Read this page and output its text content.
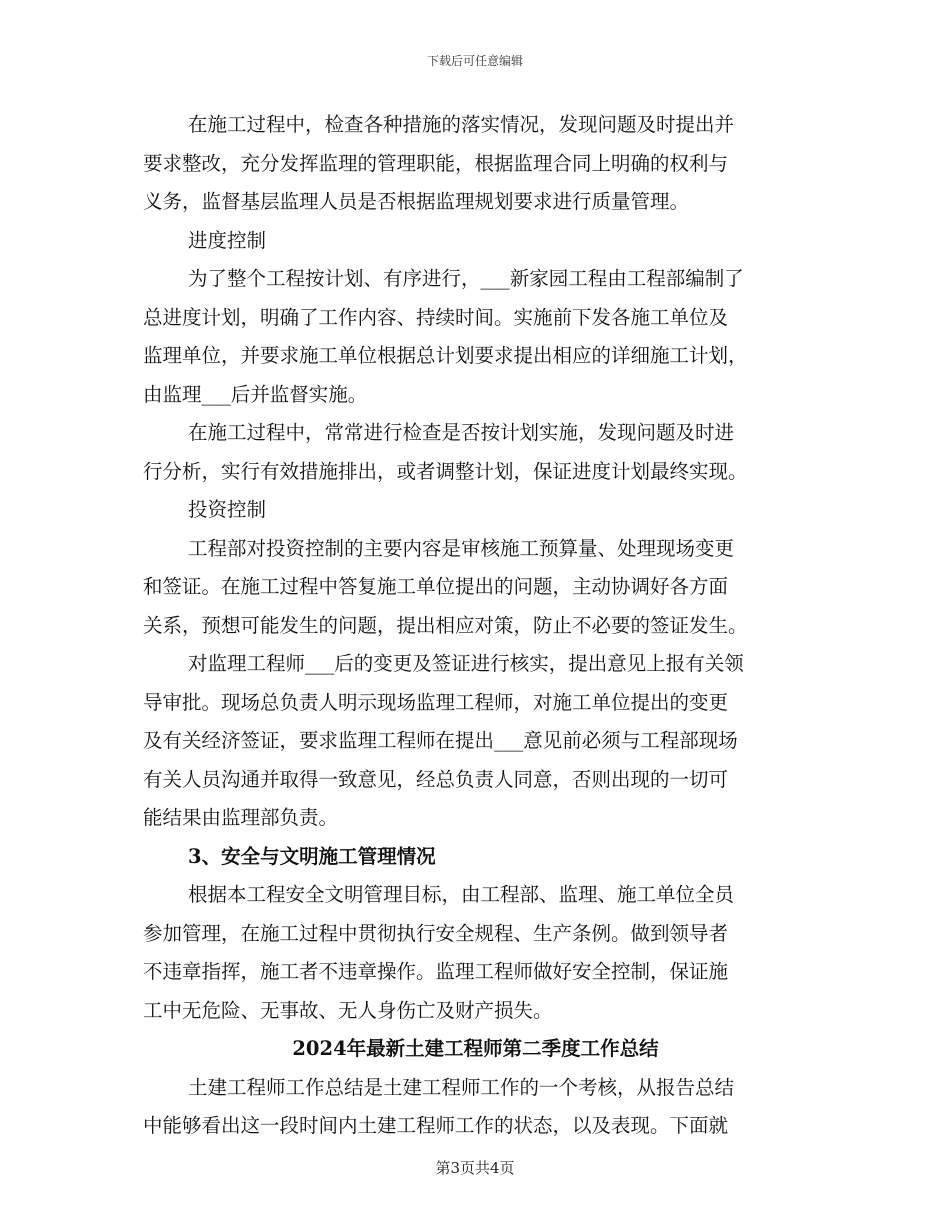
下载后可任意编辑
在施工过程中，检查各种措施的落实情况，发现问题及时提出并
要求整改，充分发挥监理的管理职能，根据监理合同上明确的权利与
义务，监督基层监理人员是否根据监理规划要求进行质量管理。
进度控制
为了整个工程按计划、有序进行，___新家园工程由工程部编制了
总进度计划，明确了工作内容、持续时间。实施前下发各施工单位及
监理单位，并要求施工单位根据总计划要求提出相应的详细施工计划，
由监理___后并监督实施。
在施工过程中，常常进行检查是否按计划实施，发现问题及时进
行分析，实行有效措施排出，或者调整计划，保证进度计划最终实现。
投资控制
工程部对投资控制的主要内容是审核施工预算量、处理现场变更
和签证。在施工过程中答复施工单位提出的问题，主动协调好各方面
关系，预想可能发生的问题，提出相应对策，防止不必要的签证发生。
对监理工程师___后的变更及签证进行核实，提出意见上报有关领
导审批。现场总负责人明示现场监理工程师，对施工单位提出的变更
及有关经济签证，要求监理工程师在提出___意见前必须与工程部现场
有关人员沟通并取得一致意见，经总负责人同意，否则出现的一切可
能结果由监理部负责。
3、安全与文明施工管理情况
根据本工程安全文明管理目标，由工程部、监理、施工单位全员
参加管理，在施工过程中贯彻执行安全规程、生产条例。做到领导者
不违章指挥，施工者不违章操作。监理工程师做好安全控制，保证施
工中无危险、无事故、无人身伤亡及财产损失。
2024年最新土建工程师第二季度工作总结
土建工程师工作总结是土建工程师工作的一个考核，从报告总结
中能够看出这一段时间内土建工程师工作的状态，以及表现。下面就
第3页共4页
